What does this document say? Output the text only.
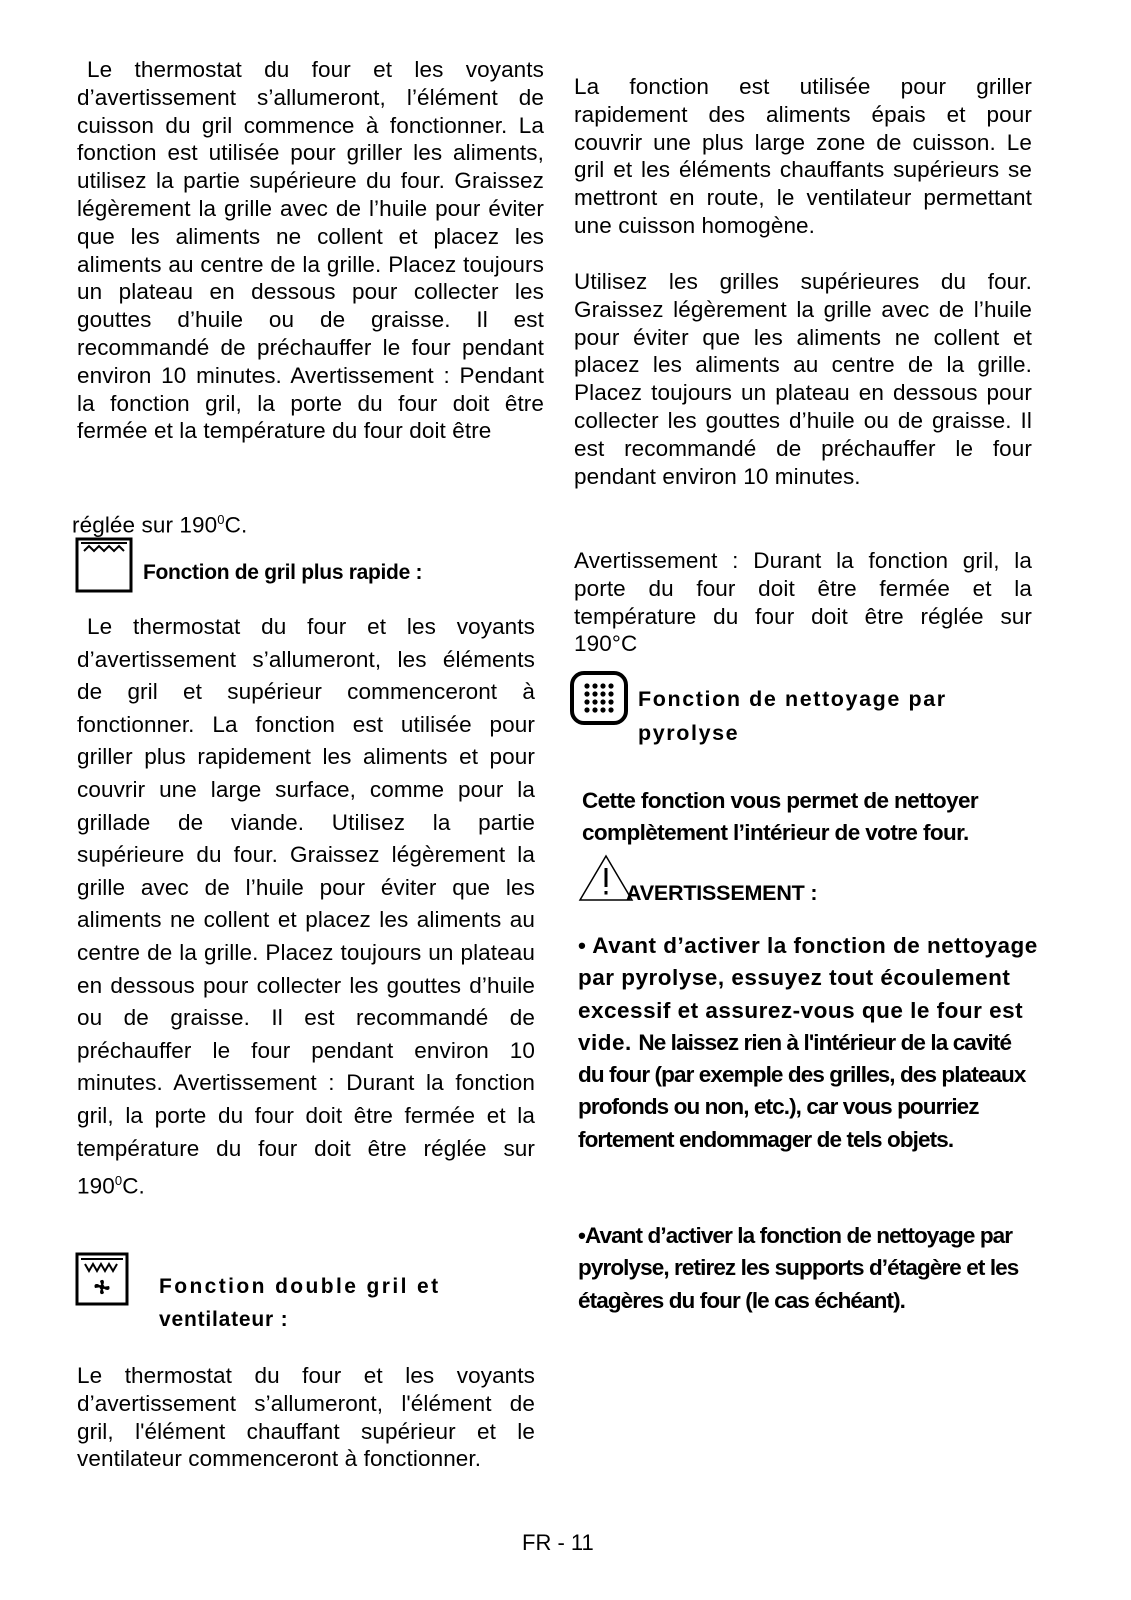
Le thermostat du four et les voyants d’avertissement s’allumeront, l’élément de cuisson du gril commence à fonctionner. La fonction est utilisée pour griller les aliments, utilisez la partie supérieure du four. Graissez légèrement la grille avec de l’huile pour éviter que les aliments ne collent et placez les aliments au centre de la grille. Placez toujours un plateau en dessous pour collecter les gouttes d’huile ou de graisse. Il est recommandé de préchauffer le four pendant environ 10 minutes. Avertissement : Pendant la fonction gril, la porte du four doit être fermée et la température du four doit être

réglée sur $190^0C$.

Fonction de gril plus rapide :

Le thermostat du four et les voyants d’avertissement s’allumeront, les éléments de gril et supérieur commenceront à fonctionner. La fonction est utilisée pour griller plus rapidement les aliments et pour couvrir une large surface, comme pour la grillade de viande. Utilisez la partie supérieure du four. Graissez légèrement la grille avec de l’huile pour éviter que les aliments ne collent et placez les aliments au centre de la grille. Placez toujours un plateau en dessous pour collecter les gouttes d’huile ou de graisse. Il est recommandé de préchauffer le four pendant environ 10 minutes. Avertissement : Durant la fonction gril, la porte du four doit être fermée et la température du four doit être réglée sur $190^0C$.

Fonction double gril et
ventilateur :

Le thermostat du four et les voyants d’avertissement s’allumeront, l'élément de gril, l'élément chauffant supérieur et le ventilateur commenceront à fonctionner.

La fonction est utilisée pour griller rapidement des aliments épais et pour couvrir une plus large zone de cuisson. Le gril et les éléments chauffants supérieurs se mettront en route, le ventilateur permettant une cuisson homogène.

Utilisez les grilles supérieures du four. Graissez légèrement la grille avec de l’huile pour éviter que les aliments ne collent et placez les aliments au centre de la grille. Placez toujours un plateau en dessous pour collecter les gouttes d’huile ou de graisse. Il est recommandé de préchauffer le four pendant environ 10 minutes.

Avertissement : Durant la fonction gril, la porte du four doit être fermée et la température du four doit être réglée sur 190°C

Fonction de nettoyage par
pyrolyse

Cette fonction vous permet de nettoyer complètement l’intérieur de votre four.

AVERTISSEMENT :

• Avant d’activer la fonction de nettoyage par pyrolyse, essuyez tout écoulement excessif et assurez-vous que le four est vide. Ne laissez rien à l'intérieur de la cavité du four (par exemple des grilles, des plateaux profonds ou non, etc.), car vous pourriez fortement endommager de tels objets.

•Avant d’activer la fonction de nettoyage par pyrolyse, retirez les supports d’étagère et les étagères du four (le cas échéant).

FR - 11
